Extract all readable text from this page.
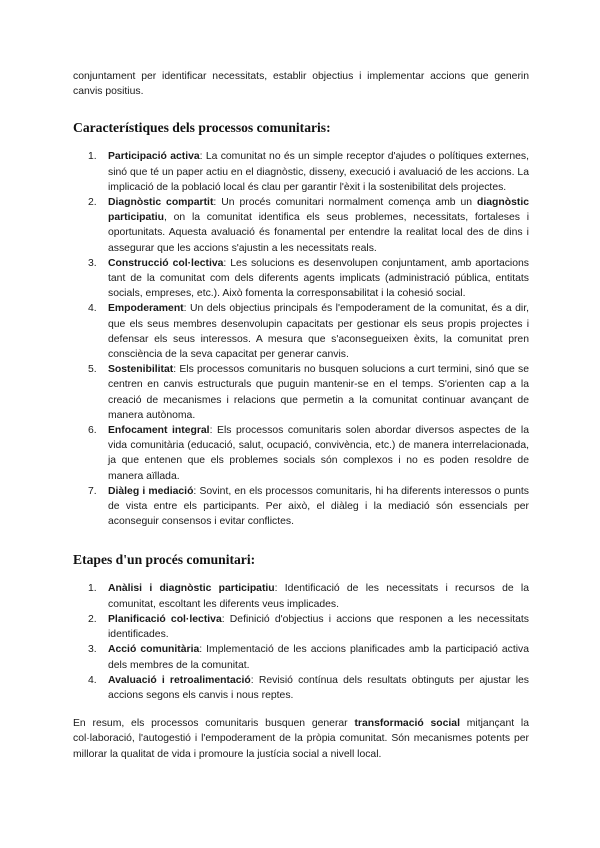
conjuntament per identificar necessitats, establir objectius i implementar accions que generin canvis positius.

Característiques dels processos comunitaris:
1. Participació activa: La comunitat no és un simple receptor d'ajudes o polítiques externes, sinó que té un paper actiu en el diagnòstic, disseny, execució i avaluació de les accions. La implicació de la població local és clau per garantir l'èxit i la sostenibilitat dels projectes.
2. Diagnòstic compartit: Un procés comunitari normalment comença amb un diagnòstic participatiu, on la comunitat identifica els seus problemes, necessitats, fortaleses i oportunitats. Aquesta avaluació és fonamental per entendre la realitat local des de dins i assegurar que les accions s'ajustin a les necessitats reals.
3. Construcció col·lectiva: Les solucions es desenvolupen conjuntament, amb aportacions tant de la comunitat com dels diferents agents implicats (administració pública, entitats socials, empreses, etc.). Això fomenta la corresponsabilitat i la cohesió social.
4. Empoderament: Un dels objectius principals és l'empoderament de la comunitat, és a dir, que els seus membres desenvolupin capacitats per gestionar els seus propis projectes i defensar els seus interessos. A mesura que s'aconsegueixen èxits, la comunitat pren consciència de la seva capacitat per generar canvis.
5. Sostenibilitat: Els processos comunitaris no busquen solucions a curt termini, sinó que se centren en canvis estructurals que puguin mantenir-se en el temps. S'orienten cap a la creació de mecanismes i relacions que permetin a la comunitat continuar avançant de manera autònoma.
6. Enfocament integral: Els processos comunitaris solen abordar diversos aspectes de la vida comunitària (educació, salut, ocupació, convivència, etc.) de manera interrelacionada, ja que entenen que els problemes socials són complexos i no es poden resoldre de manera aïllada.
7. Diàleg i mediació: Sovint, en els processos comunitaris, hi ha diferents interessos o punts de vista entre els participants. Per això, el diàleg i la mediació són essencials per aconseguir consensos i evitar conflictes.
Etapes d'un procés comunitari:
1. Anàlisi i diagnòstic participatiu: Identificació de les necessitats i recursos de la comunitat, escoltant les diferents veus implicades.
2. Planificació col·lectiva: Definició d'objectius i accions que responen a les necessitats identificades.
3. Acció comunitària: Implementació de les accions planificades amb la participació activa dels membres de la comunitat.
4. Avaluació i retroalimentació: Revisió contínua dels resultats obtinguts per ajustar les accions segons els canvis i nous reptes.

En resum, els processos comunitaris busquen generar transformació social mitjançant la col·laboració, l'autogestió i l'empoderament de la pròpia comunitat. Són mecanismes potents per millorar la qualitat de vida i promoure la justícia social a nivell local.
